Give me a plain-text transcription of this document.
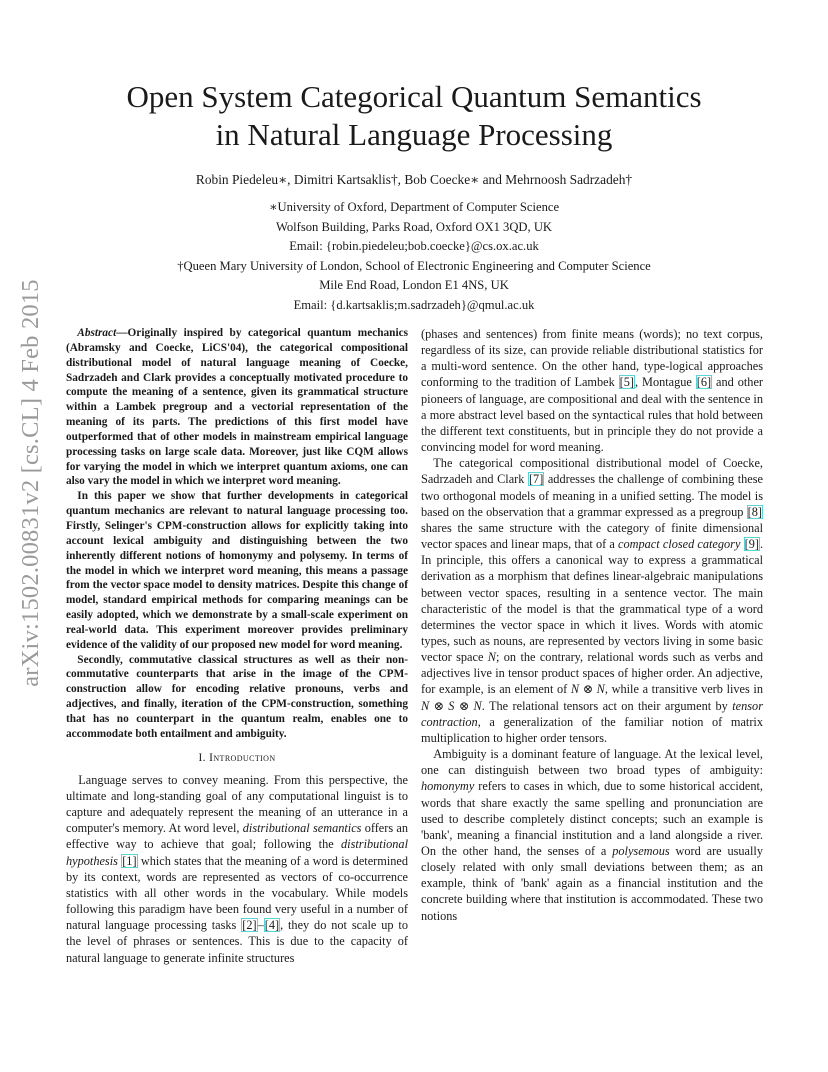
arXiv:1502.00831v2 [cs.CL] 4 Feb 2015
Open System Categorical Quantum Semantics
in Natural Language Processing
Robin Piedeleu∗, Dimitri Kartsaklis†, Bob Coecke∗ and Mehrnoosh Sadrzadeh†
∗University of Oxford, Department of Computer Science
Wolfson Building, Parks Road, Oxford OX1 3QD, UK
Email: {robin.piedeleu;bob.coecke}@cs.ox.ac.uk
†Queen Mary University of London, School of Electronic Engineering and Computer Science
Mile End Road, London E1 4NS, UK
Email: {d.kartsaklis;m.sadrzadeh}@qmul.ac.uk

Abstract—Originally inspired by categorical quantum mechanics (Abramsky and Coecke, LiCS'04), the categorical compositional distributional model of natural language meaning of Coecke, Sadrzadeh and Clark provides a conceptually motivated procedure to compute the meaning of a sentence, given its grammatical structure within a Lambek pregroup and a vectorial representation of the meaning of its parts. The predictions of this first model have outperformed that of other models in mainstream empirical language processing tasks on large scale data. Moreover, just like CQM allows for varying the model in which we interpret quantum axioms, one can also vary the model in which we interpret word meaning.

In this paper we show that further developments in categorical quantum mechanics are relevant to natural language processing too. Firstly, Selinger's CPM-construction allows for explicitly taking into account lexical ambiguity and distinguishing between the two inherently different notions of homonymy and polysemy. In terms of the model in which we interpret word meaning, this means a passage from the vector space model to density matrices. Despite this change of model, standard empirical methods for comparing meanings can be easily adopted, which we demonstrate by a small-scale experiment on real-world data. This experiment moreover provides preliminary evidence of the validity of our proposed new model for word meaning.

Secondly, commutative classical structures as well as their non-commutative counterparts that arise in the image of the CPM-construction allow for encoding relative pronouns, verbs and adjectives, and finally, iteration of the CPM-construction, something that has no counterpart in the quantum realm, enables one to accommodate both entailment and ambiguity.

I. Introduction

Language serves to convey meaning. From this perspective, the ultimate and long-standing goal of any computational linguist is to capture and adequately represent the meaning of an utterance in a computer's memory. At word level, distributional semantics offers an effective way to achieve that goal; following the distributional hypothesis [1] which states that the meaning of a word is determined by its context, words are represented as vectors of co-occurrence statistics with all other words in the vocabulary. While models following this paradigm have been found very useful in a number of natural language processing tasks [2]–[4], they do not scale up to the level of phrases or sentences. This is due to the capacity of natural language to generate infinite structures

(phases and sentences) from finite means (words); no text corpus, regardless of its size, can provide reliable distributional statistics for a multi-word sentence. On the other hand, type-logical approaches conforming to the tradition of Lambek [5], Montague [6] and other pioneers of language, are compositional and deal with the sentence in a more abstract level based on the syntactical rules that hold between the different text constituents, but in principle they do not provide a convincing model for word meaning.

The categorical compositional distributional model of Coecke, Sadrzadeh and Clark [7] addresses the challenge of combining these two orthogonal models of meaning in a unified setting. The model is based on the observation that a grammar expressed as a pregroup [8] shares the same structure with the category of finite dimensional vector spaces and linear maps, that of a compact closed category [9]. In principle, this offers a canonical way to express a grammatical derivation as a morphism that defines linear-algebraic manipulations between vector spaces, resulting in a sentence vector. The main characteristic of the model is that the grammatical type of a word determines the vector space in which it lives. Words with atomic types, such as nouns, are represented by vectors living in some basic vector space N; on the contrary, relational words such as verbs and adjectives live in tensor product spaces of higher order. An adjective, for example, is an element of N ⊗ N, while a transitive verb lives in N ⊗ S ⊗ N. The relational tensors act on their argument by tensor contraction, a generalization of the familiar notion of matrix multiplication to higher order tensors.

Ambiguity is a dominant feature of language. At the lexical level, one can distinguish between two broad types of ambiguity: homonymy refers to cases in which, due to some historical accident, words that share exactly the same spelling and pronunciation are used to describe completely distinct concepts; such an example is 'bank', meaning a financial institution and a land alongside a river. On the other hand, the senses of a polysemous word are usually closely related with only small deviations between them; as an example, think of 'bank' again as a financial institution and the concrete building where that institution is accommodated. These two notions
